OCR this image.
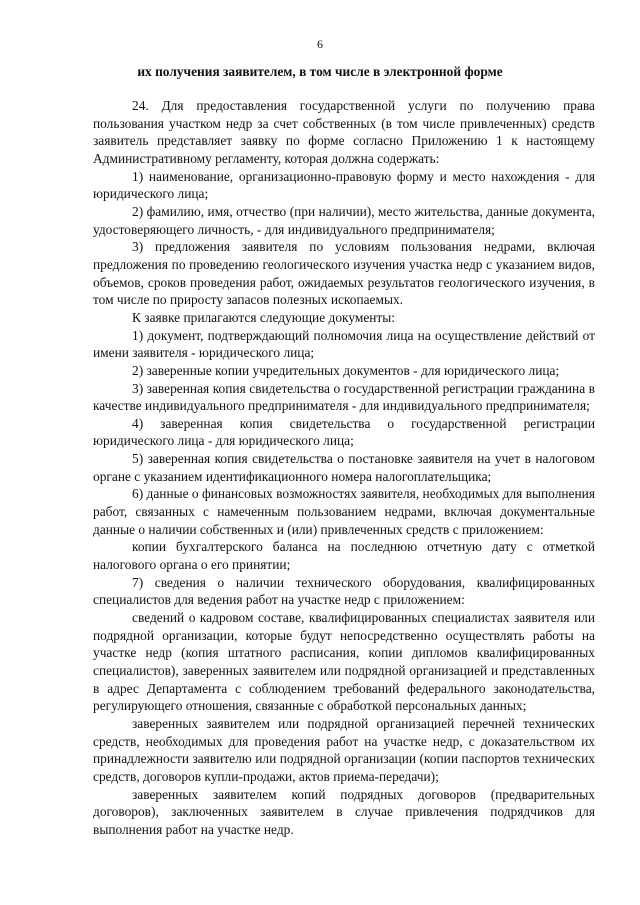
6
их получения заявителем, в том числе в электронной форме

24. Для предоставления государственной услуги по получению права пользования участком недр за счет собственных (в том числе привлеченных) средств заявитель представляет заявку по форме согласно Приложению 1 к настоящему Административному регламенту, которая должна содержать:

1) наименование, организационно-правовую форму и место нахождения - для юридического лица;

2) фамилию, имя, отчество (при наличии), место жительства, данные документа, удостоверяющего личность, - для индивидуального предпринимателя;

3) предложения заявителя по условиям пользования недрами, включая предложения по проведению геологического изучения участка недр с указанием видов, объемов, сроков проведения работ, ожидаемых результатов геологического изучения, в том числе по приросту запасов полезных ископаемых.

К заявке прилагаются следующие документы:

1) документ, подтверждающий полномочия лица на осуществление действий от имени заявителя - юридического лица;

2) заверенные копии учредительных документов - для юридического лица;

3) заверенная копия свидетельства о государственной регистрации гражданина в качестве индивидуального предпринимателя - для индивидуального предпринимателя;

4) заверенная копия свидетельства о государственной регистрации юридического лица - для юридического лица;

5) заверенная копия свидетельства о постановке заявителя на учет в налоговом органе с указанием идентификационного номера налогоплательщика;

6) данные о финансовых возможностях заявителя, необходимых для выполнения работ, связанных с намеченным пользованием недрами, включая документальные данные о наличии собственных и (или) привлеченных средств с приложением:

копии бухгалтерского баланса на последнюю отчетную дату с отметкой налогового органа о его принятии;

7) сведения о наличии технического оборудования, квалифицированных специалистов для ведения работ на участке недр с приложением:

сведений о кадровом составе, квалифицированных специалистах заявителя или подрядной организации, которые будут непосредственно осуществлять работы на участке недр (копия штатного расписания, копии дипломов квалифицированных специалистов), заверенных заявителем или подрядной организацией и представленных в адрес Департамента с соблюдением требований федерального законодательства, регулирующего отношения, связанные с обработкой персональных данных;

заверенных заявителем или подрядной организацией перечней технических средств, необходимых для проведения работ на участке недр, с доказательством их принадлежности заявителю или подрядной организации (копии паспортов технических средств, договоров купли-продажи, актов приема-передачи);

заверенных заявителем копий подрядных договоров (предварительных договоров), заключенных заявителем в случае привлечения подрядчиков для выполнения работ на участке недр.
